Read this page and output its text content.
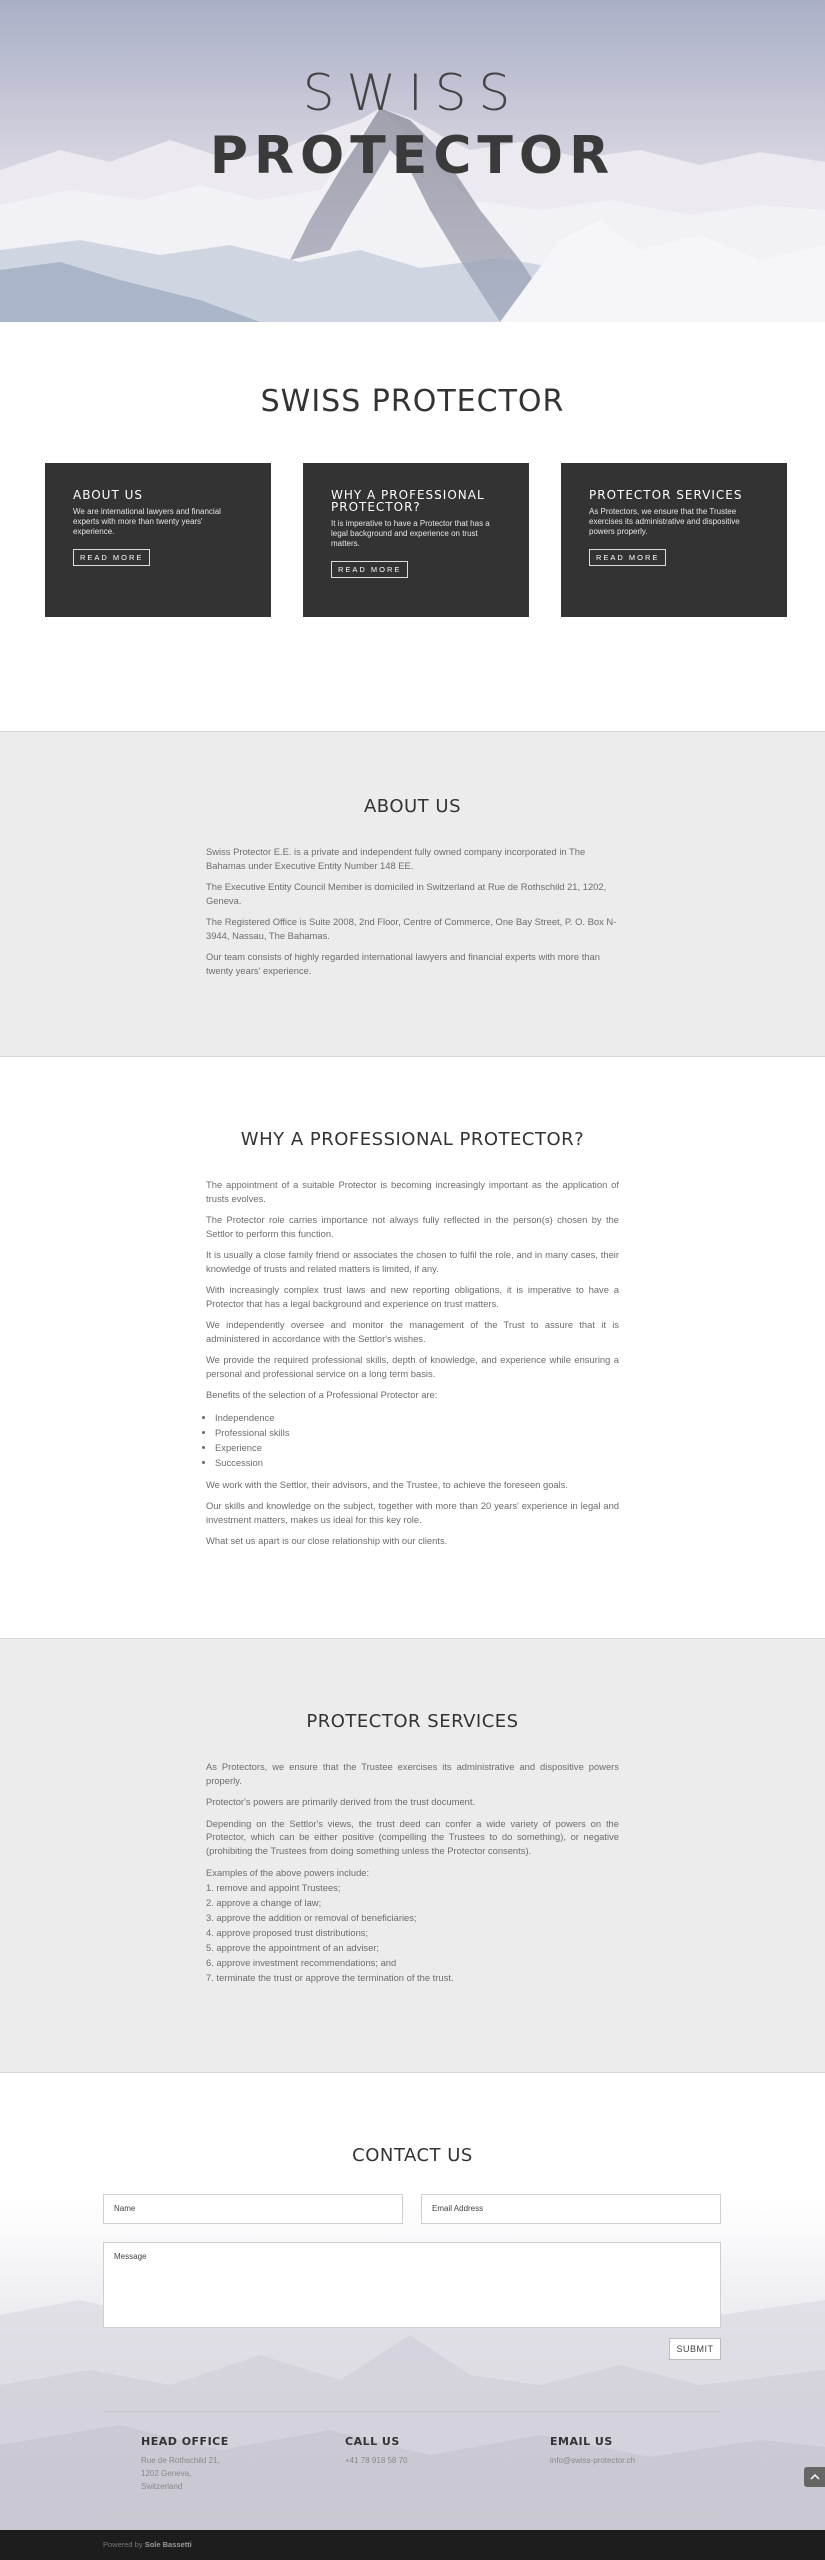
SWISS
PROTECTOR
SWISS PROTECTOR
ABOUT US

We are international lawyers and financial experts with more than twenty years' experience.

READ MORE
WHY A PROFESSIONAL PROTECTOR?

It is imperative to have a Protector that has a legal background and experience on trust matters.

READ MORE
PROTECTOR SERVICES

As Protectors, we ensure that the Trustee exercises its administrative and dispositive powers properly.

READ MORE
ABOUT US

Swiss Protector E.E. is a private and independent fully owned company incorporated in The Bahamas under Executive Entity Number 148 EE.

The Executive Entity Council Member is domiciled in Switzerland at Rue de Rothschild 21, 1202, Geneva.

The Registered Office is Suite 2008, 2nd Floor, Centre of Commerce, One Bay Street, P. O. Box N-3944, Nassau, The Bahamas.

Our team consists of highly regarded international lawyers and financial experts with more than twenty years' experience.

WHY A PROFESSIONAL PROTECTOR?

The appointment of a suitable Protector is becoming increasingly important as the application of trusts evolves.

The Protector role carries importance not always fully reflected in the person(s) chosen by the Settlor to perform this function.

It is usually a close family friend or associates the chosen to fulfil the role, and in many cases, their knowledge of trusts and related matters is limited, if any.

With increasingly complex trust laws and new reporting obligations, it is imperative to have a Protector that has a legal background and experience on trust matters.

We independently oversee and monitor the management of the Trust to assure that it is administered in accordance with the Settlor's wishes.

We provide the required professional skills, depth of knowledge, and experience while ensuring a personal and professional service on a long term basis.

Benefits of the selection of a Professional Protector are:

• Independence
• Professional skills
• Experience
• Succession

We work with the Settlor, their advisors, and the Trustee, to achieve the foreseen goals.

Our skills and knowledge on the subject, together with more than 20 years' experience in legal and investment matters, makes us ideal for this key role.

What set us apart is our close relationship with our clients.

PROTECTOR SERVICES

As Protectors, we ensure that the Trustee exercises its administrative and dispositive powers properly.

Protector's powers are primarily derived from the trust document.

Depending on the Settlor's views, the trust deed can confer a wide variety of powers on the Protector, which can be either positive (compelling the Trustees to do something), or negative (prohibiting the Trustees from doing something unless the Protector consents).

Examples of the above powers include:
1. remove and appoint Trustees;
2. approve a change of law;
3. approve the addition or removal of beneficiaries;
4. approve proposed trust distributions;
5. approve the appointment of an adviser;
6. approve investment recommendations; and
7. terminate the trust or approve the termination of the trust.
CONTACT US
Name	Email Address
Message
SUBMIT
HEAD OFFICE
Rue de Rothschild 21,
1202 Geneva,
Switzerland
CALL US
+41 78 918 58 70
EMAIL US
info@swiss-protector.ch
Powered by Sole Bassetti
